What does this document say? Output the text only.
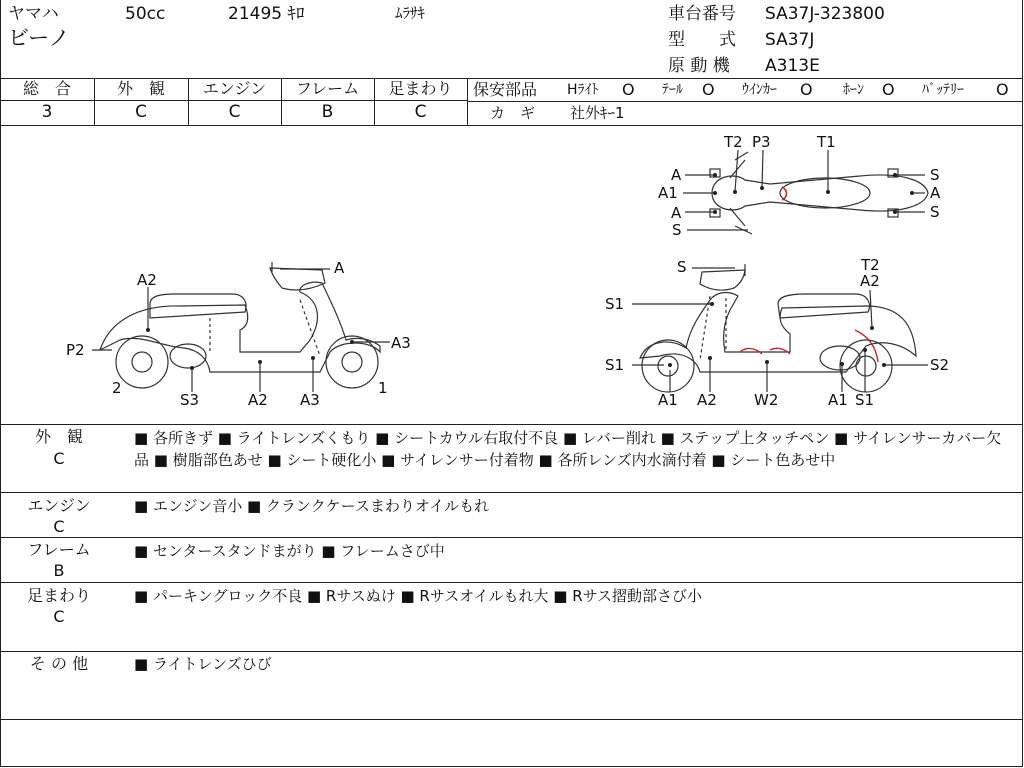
ヤマハ	50cc	21495 ｷﾛ	ﾑﾗｻｷ
ビーノ
車台番号 SA37J-323800
型　　式 SA37J
原 動 機 A313E
総　合
3
外　観
C
エンジン
C
フレーム
B
足まわり
C
保安部品 Hﾗｲﾄ O ﾃｰﾙ O ｳｲﾝｶｰ O ﾎｰﾝ O ﾊﾞｯﾃﾘｰ O
カ　ギ 社外ｷｰ1
T2 P3	T1
A
A1
A
S
S
A
S
A
A2
P2
2
S3	A2 A3
A3
1
S	T2
A2
S1
S1
A1 A2 W2	A1 S1
S2
外　観
C
■ 各所きず ■ ライトレンズくもり ■ シートカウル右取付不良 ■ レバー削れ ■ ステップ上タッチペン ■ サイレンサーカバー欠品 ■ 樹脂部色あせ ■ シート硬化小 ■ サイレンサー付着物 ■ 各所レンズ内水滴付着 ■ シート色あせ中
エンジン
C
■ エンジン音小 ■ クランクケースまわりオイルもれ
フレーム
B
■ センタースタンドまがり ■ フレームさび中
足まわり
C
■ パーキングロック不良 ■ Rサスぬけ ■ Rサスオイルもれ大 ■ Rサス摺動部さび小
そ の 他	■ ライトレンズひび
